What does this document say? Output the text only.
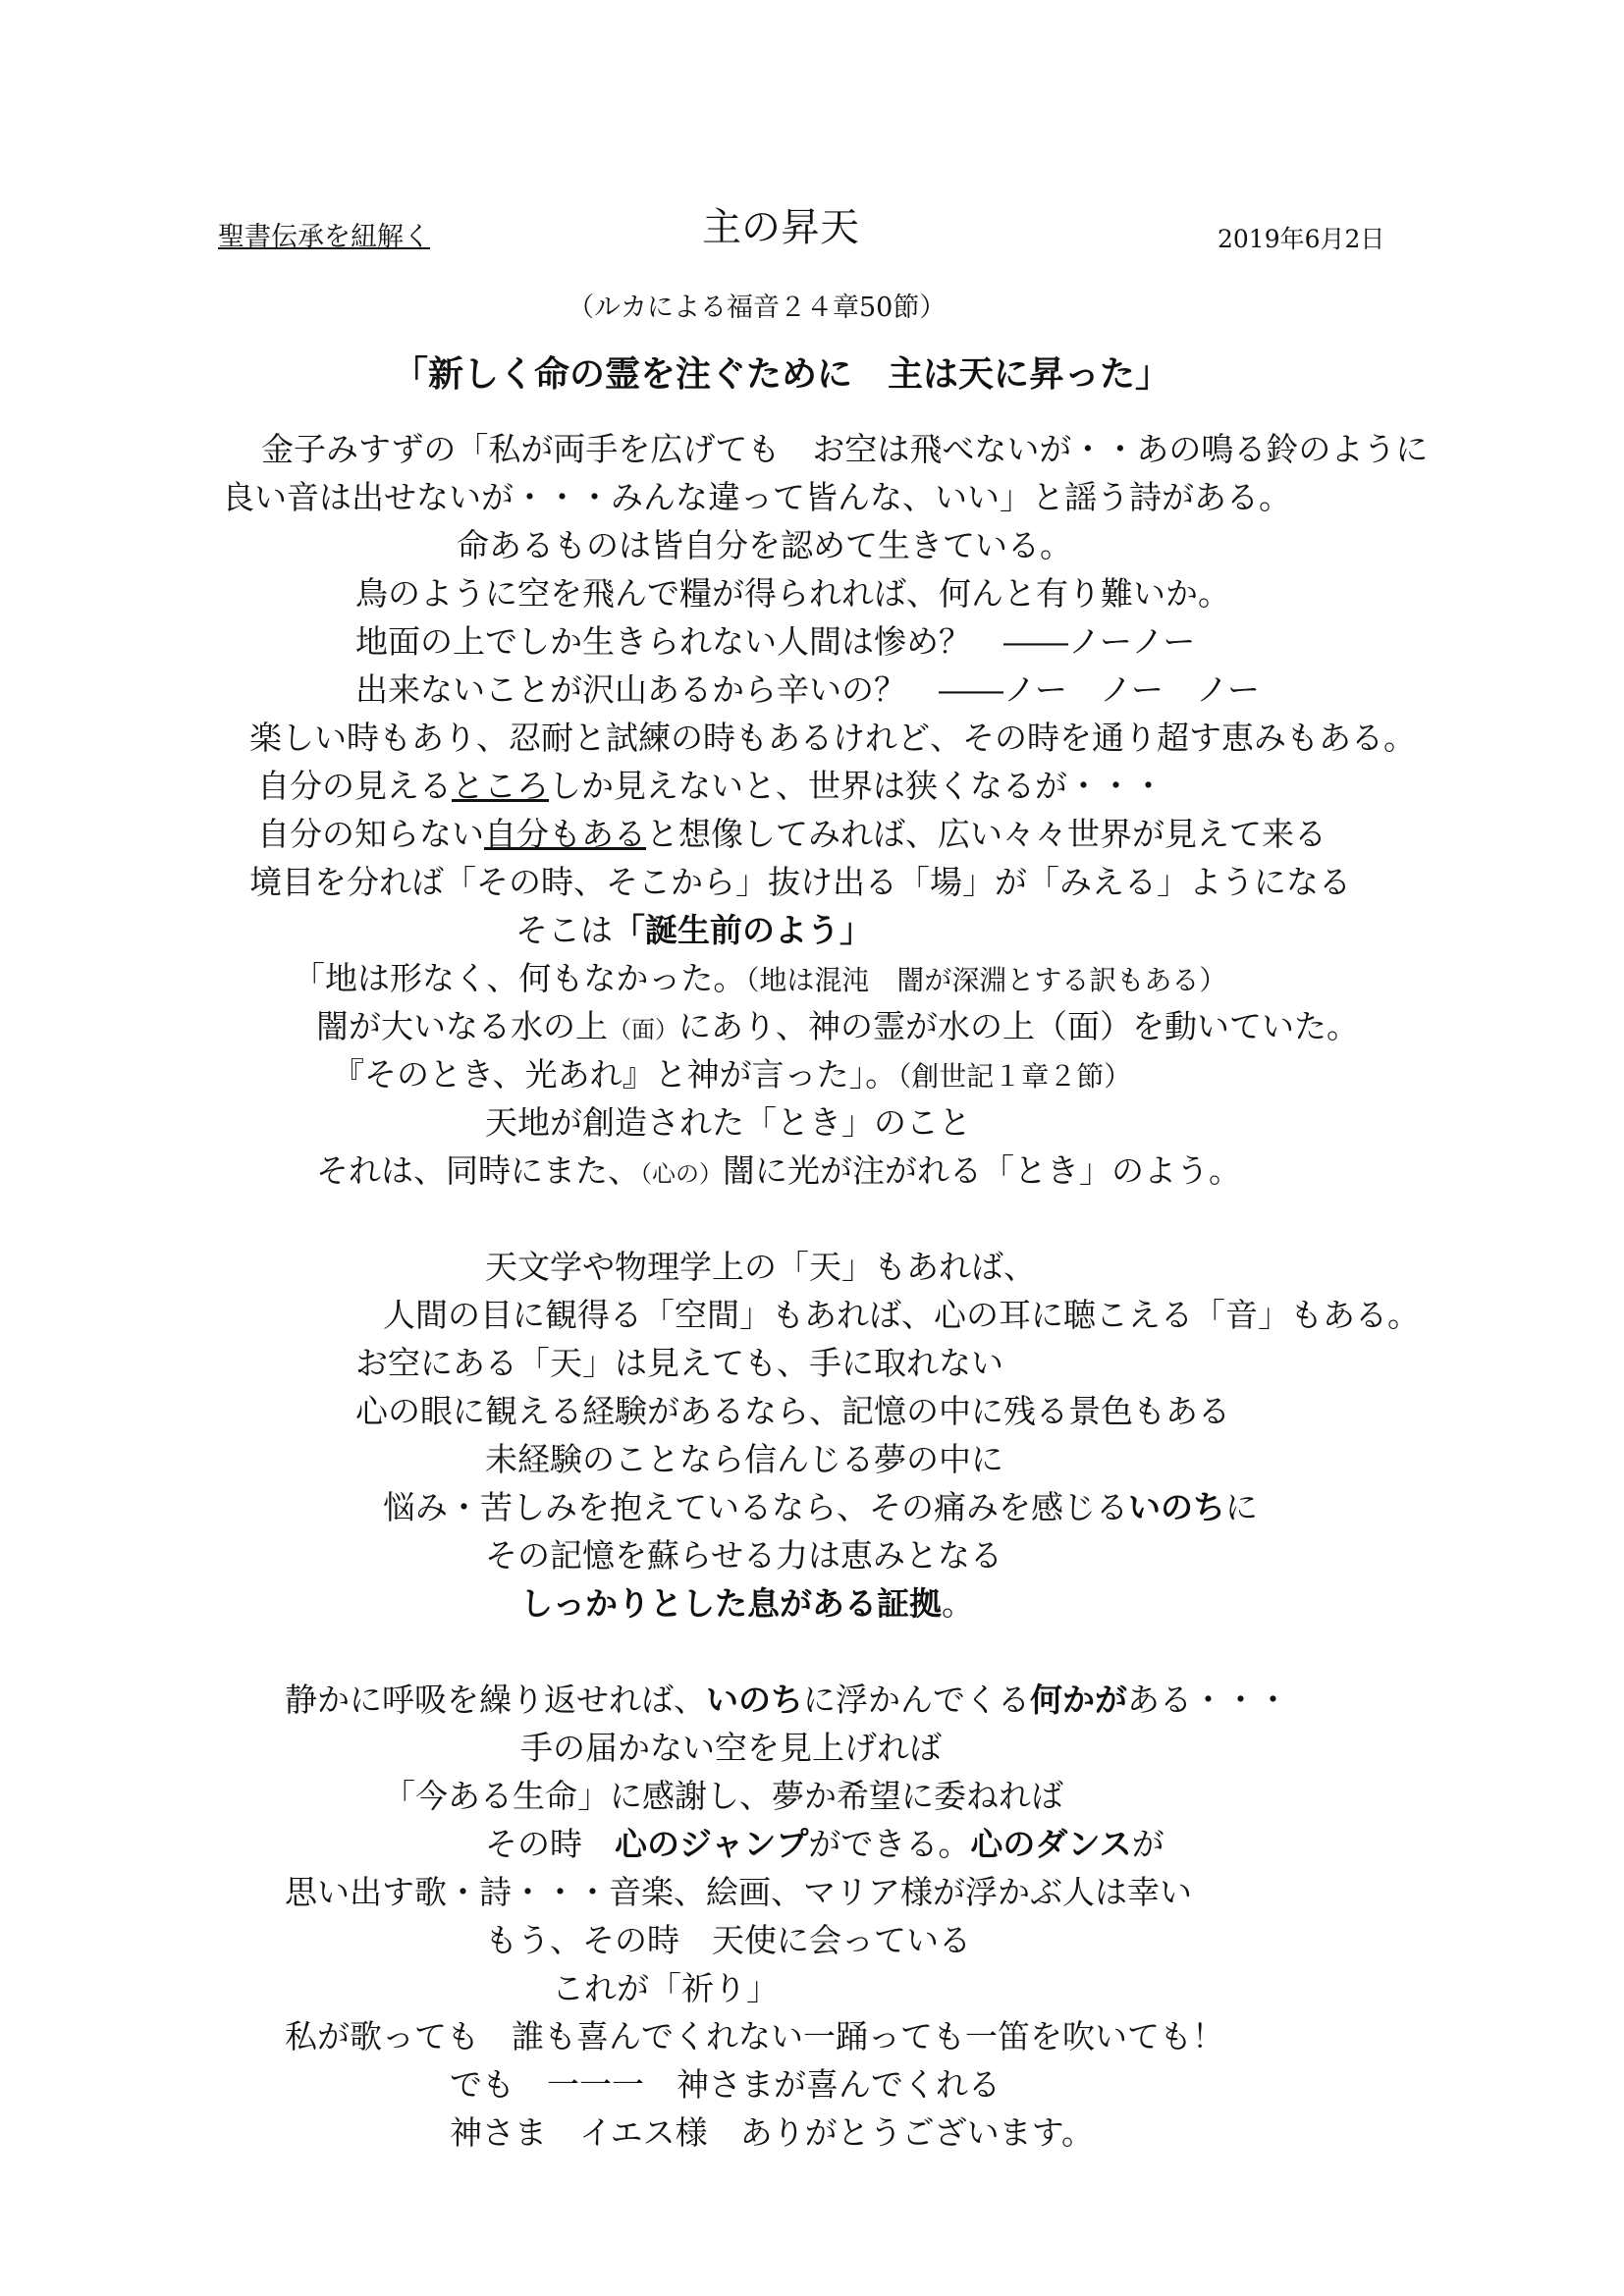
聖書伝承を紐解く	主の昇天	2019年6月2日
（ルカによる福音２４章50節）
「新しく命の霊を注ぐために　主は天に昇った」
金子みすずの「私が両手を広げても　お空は飛べないが・・あの鳴る鈴のように
良い音は出せないが・・・みんな違って皆んな、いい」と謡う詩がある。
命あるものは皆自分を認めて生きている。
鳥のように空を飛んで糧が得られれば、何んと有り難いか。
地面の上でしか生きられない人間は惨め？　――ノーノー
出来ないことが沢山あるから辛いの？　――ノー　ノー　ノー
楽しい時もあり、忍耐と試練の時もあるけれど、その時を通り超す恵みもある。
自分の見えるところしか見えないと、世界は狭くなるが・・・
自分の知らない自分もあると想像してみれば、広い々々世界が見えて来る
境目を分れば「その時、そこから」抜け出る「場」が「みえる」ようになる
そこは「誕生前のよう」
「地は形なく、何もなかった。（地は混沌　闇が深淵とする訳もある）
闇が大いなる水の上（面）にあり、神の霊が水の上（面）を動いていた。
『そのとき、光あれ』と神が言った」。（創世記１章２節）
天地が創造された「とき」のこと
それは、同時にまた、（心の）闇に光が注がれる「とき」のよう。
天文学や物理学上の「天」もあれば、
人間の目に観得る「空間」もあれば、心の耳に聴こえる「音」もある。
お空にある「天」は見えても、手に取れない
心の眼に観える経験があるなら、記憶の中に残る景色もある
未経験のことなら信んじる夢の中に
悩み・苦しみを抱えているなら、その痛みを感じるいのちに
その記憶を蘇らせる力は恵みとなる
しっかりとした息がある証拠。
静かに呼吸を繰り返せれば、いのちに浮かんでくる何かがある・・・
手の届かない空を見上げれば
「今ある生命」に感謝し、夢か希望に委ねれば
その時　心のジャンプができる。心のダンスが
思い出す歌・詩・・・音楽、絵画、マリア様が浮かぶ人は幸い
もう、その時　天使に会っている
これが「祈り」
私が歌っても　誰も喜んでくれない一踊っても一笛を吹いても！
でも　一一一　神さまが喜んでくれる
神さま　イエス様　ありがとうございます。
